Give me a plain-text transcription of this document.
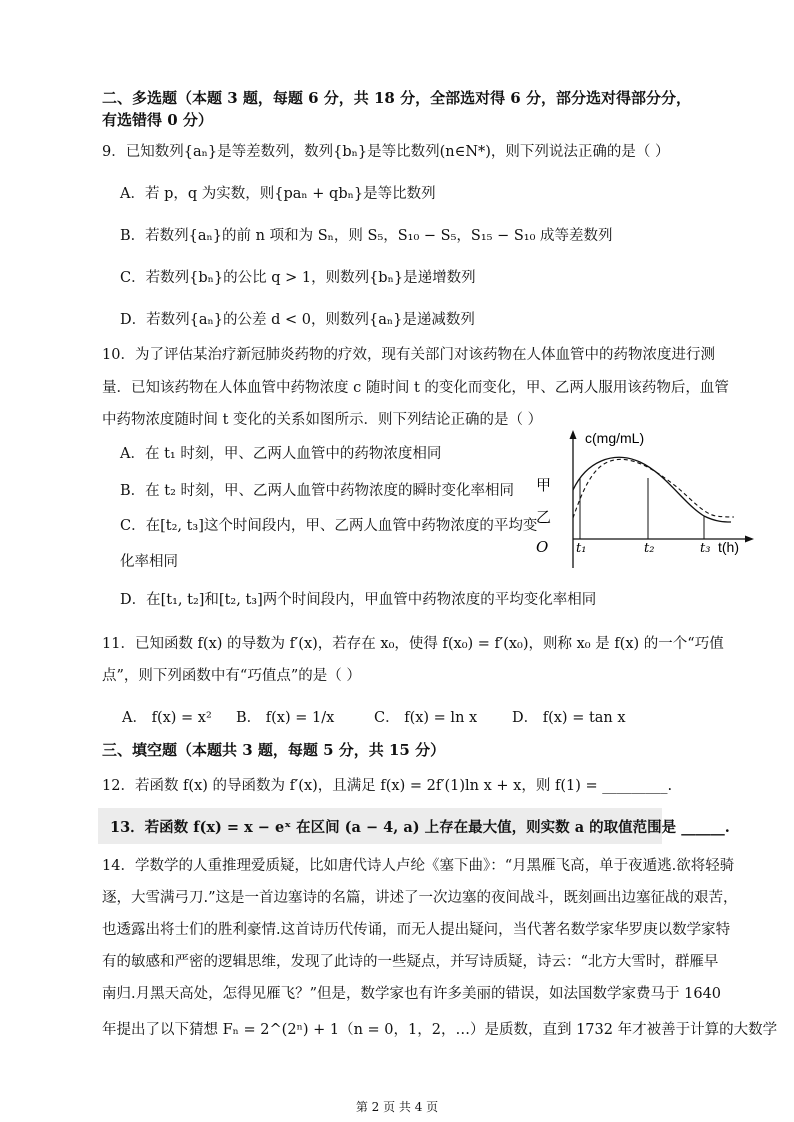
二、多选题（本题 3 题，每题 6 分，共 18 分，全部选对得 6 分，部分选对得部分分，
有选错得 0 分）
9．已知数列{aₙ}是等差数列，数列{bₙ}是等比数列(n∈N*)，则下列说法正确的是（ ）
A．若 p，q 为实数，则{paₙ + qbₙ}是等比数列
B．若数列{aₙ}的前 n 项和为 Sₙ，则 S₅，S₁₀ − S₅，S₁₅ − S₁₀ 成等差数列
C．若数列{bₙ}的公比 q > 1，则数列{bₙ}是递增数列
D．若数列{aₙ}的公差 d < 0，则数列{aₙ}是递减数列
10．为了评估某治疗新冠肺炎药物的疗效，现有关部门对该药物在人体血管中的药物浓度进行测
量．已知该药物在人体血管中药物浓度 c 随时间 t 的变化而变化，甲、乙两人服用该药物后，血管
中药物浓度随时间 t 变化的关系如图所示．则下列结论正确的是（ ）
A．在 t₁ 时刻，甲、乙两人血管中的药物浓度相同
B．在 t₂ 时刻，甲、乙两人血管中药物浓度的瞬时变化率相同
C．在[t₂, t₃]这个时间段内，甲、乙两人血管中药物浓度的平均变
化率相同
D．在[t₁, t₂]和[t₂, t₃]两个时间段内，甲血管中药物浓度的平均变化率相同
c(mg/mL)
t(h)
甲
乙
O t₁	t₂	t₃
11．已知函数 f(x) 的导数为 f′(x)，若存在 x₀，使得 f(x₀) = f′(x₀)，则称 x₀ 是 f(x) 的一个“巧值
点”，则下列函数中有“巧值点”的是（ ）
A． f(x) = x² B． f(x) = 1/x	C． f(x) = ln x D． f(x) = tan x
三、填空题（本题共 3 题，每题 5 分，共 15 分）
12．若函数 f(x) 的导函数为 f′(x)，且满足 f(x) = 2f′(1)ln x + x，则 f(1) = _________.
13．若函数 f(x) = x − eˣ 在区间 (a − 4, a) 上存在最大值，则实数 a 的取值范围是 ______.
14．学数学的人重推理爱质疑，比如唐代诗人卢纶《塞下曲》：“月黑雁飞高，单于夜遁逃.欲将轻骑
逐，大雪满弓刀.”这是一首边塞诗的名篇，讲述了一次边塞的夜间战斗，既刻画出边塞征战的艰苦，
也透露出将士们的胜利豪情.这首诗历代传诵，而无人提出疑问，当代著名数学家华罗庚以数学家特
有的敏感和严密的逻辑思维，发现了此诗的一些疑点，并写诗质疑，诗云：“北方大雪时，群雁早
南归.月黑天高处，怎得见雁飞？”但是，数学家也有许多美丽的错误，如法国数学家费马于 1640
年提出了以下猜想 Fₙ = 2^(2ⁿ) + 1（n = 0，1，2，…）是质数，直到 1732 年才被善于计算的大数学
第 2 页 共 4 页
